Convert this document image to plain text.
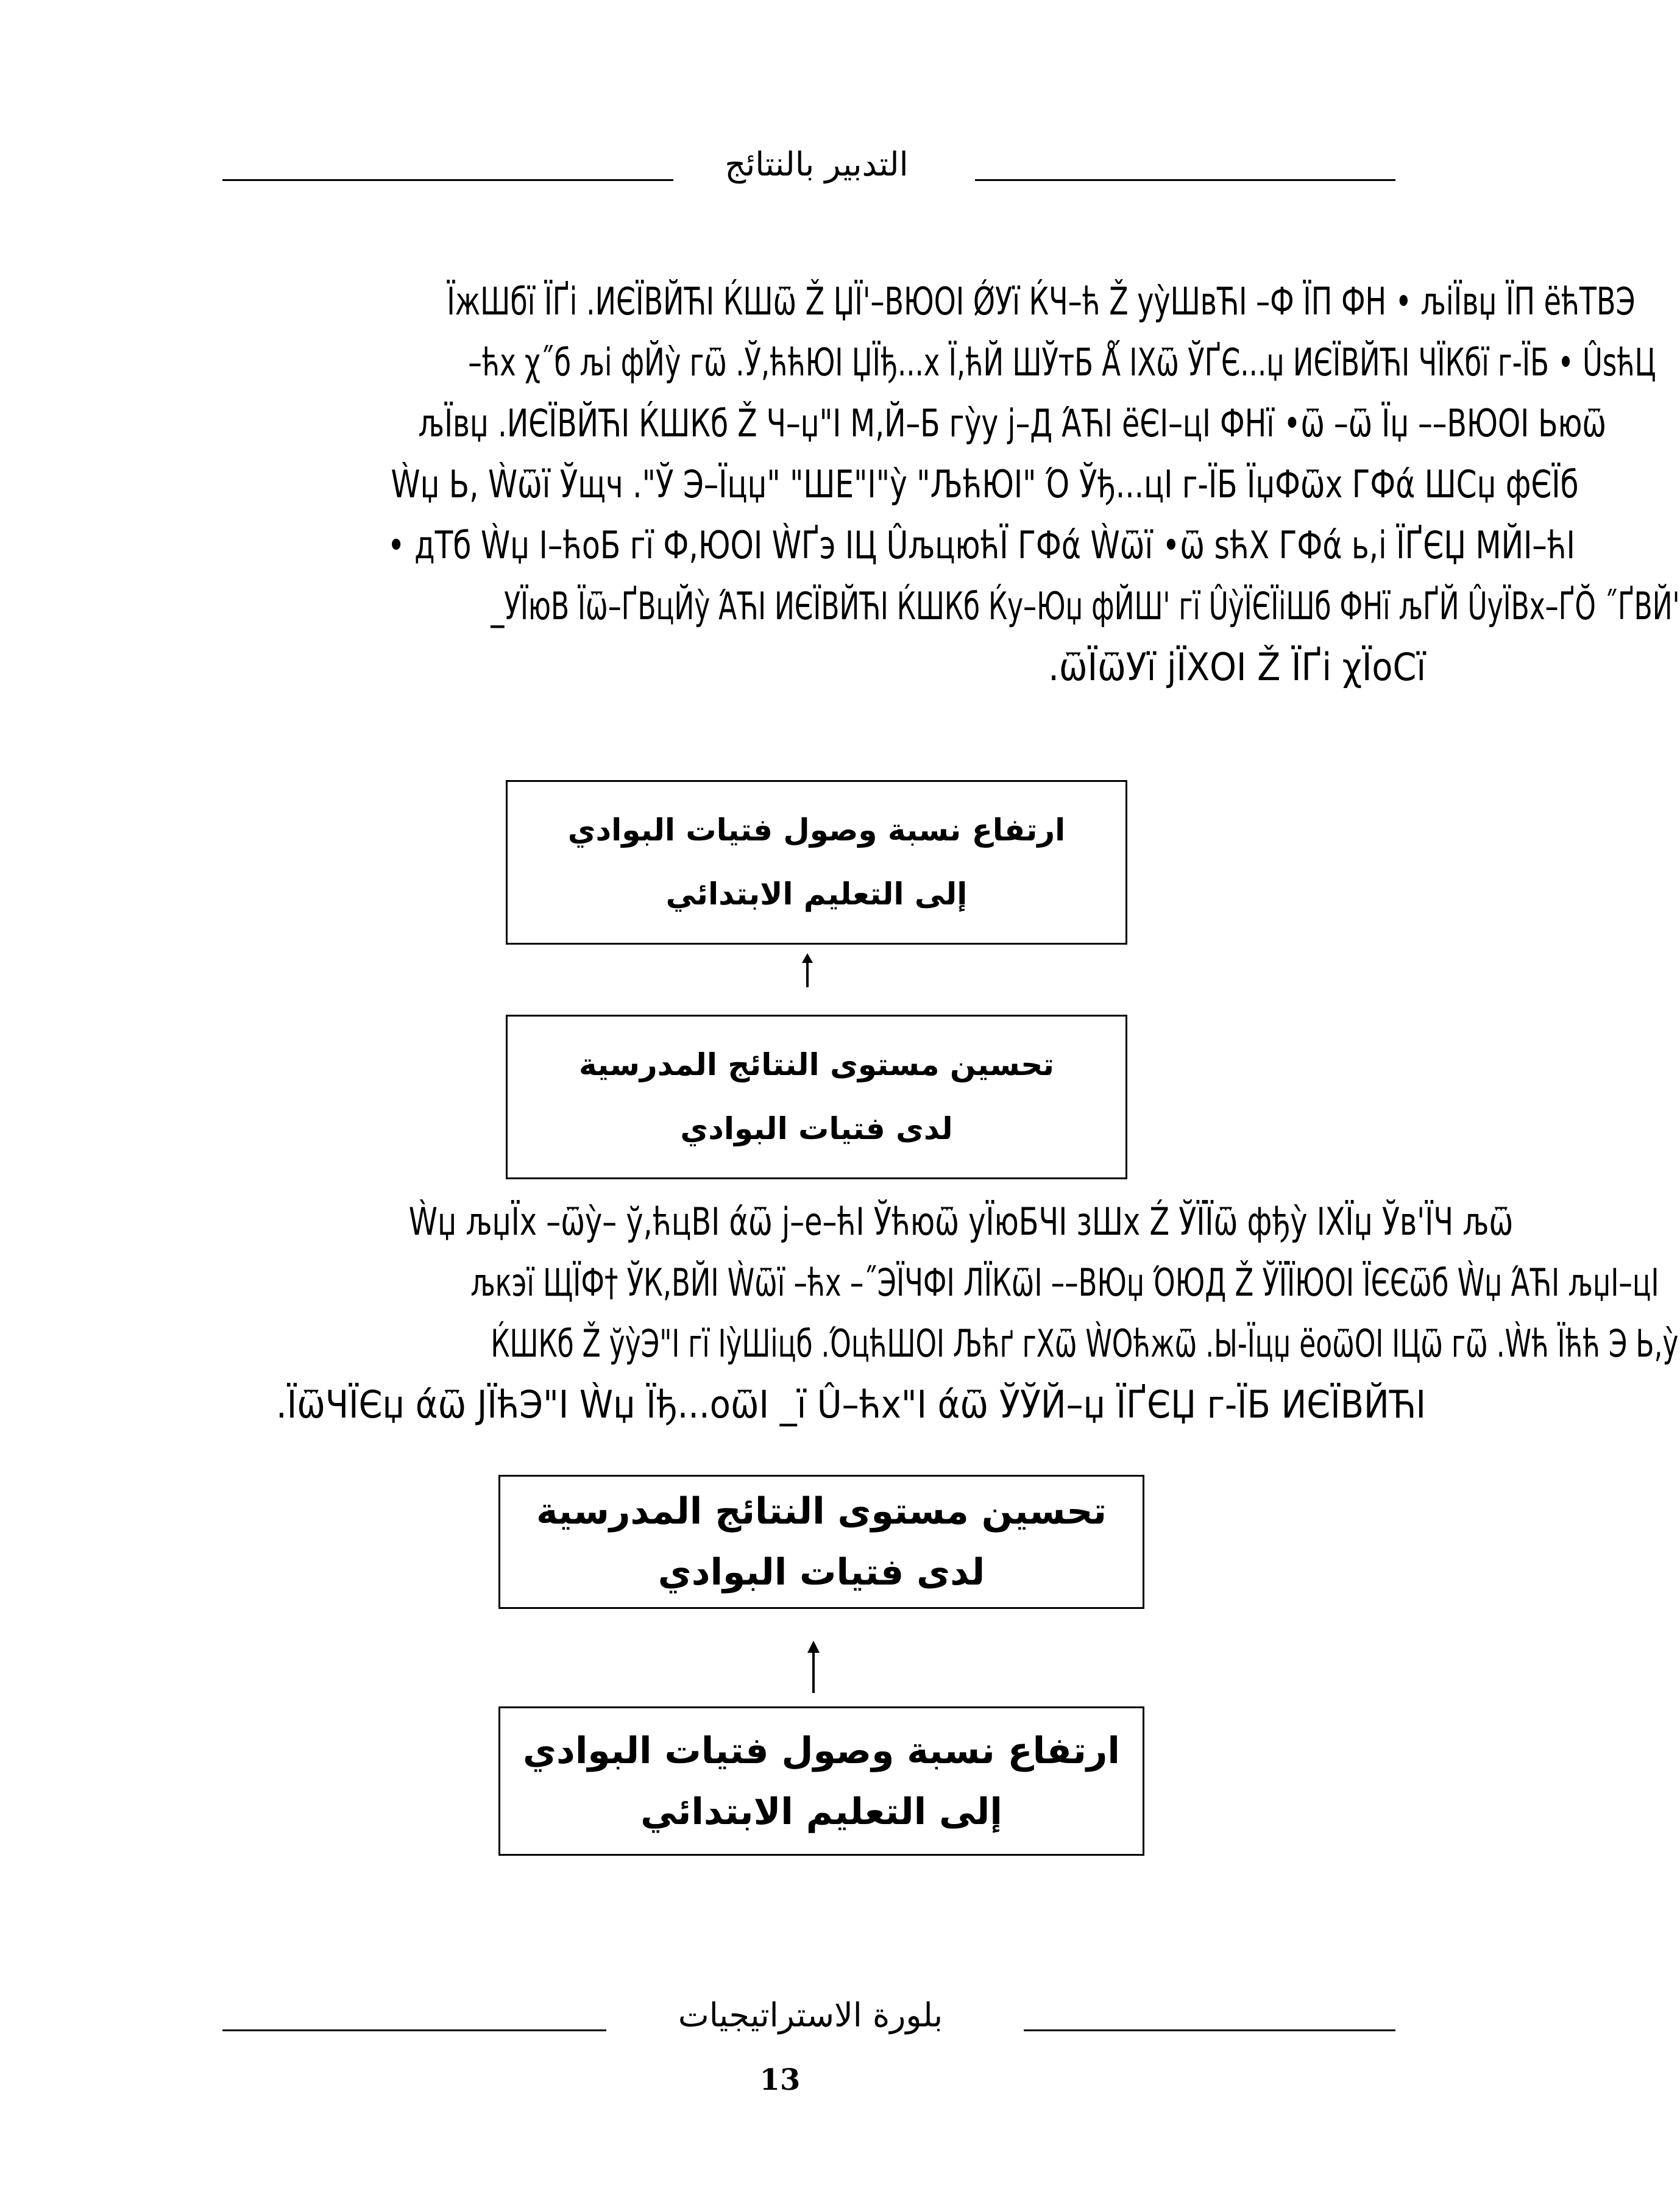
التدبير بالنتائج
ÏжШбї ЇҐі .ИЄЇВЙ﻿ЋІ ЌШѿ Ž ЏЇ'–ВЮОІ ǾУї ЌЧ–ћ﻿ Ž уу̀ШвЋІ –Ф﻿ ЇП ФН • љіЇвџ ЇП ёћТВЭ
–ћх χ˝б љі фЙу̀ гѿ .Ў,ћћЮ﻿І ЏЇђ...х Ї,ћЙ ШЎтБ Ǻ ІХѿ ЎҐЄ...џ ИЄЇВЙ﻿ЋІ ЧЇКбї г-ЇБ • Ûsћ﻿Ц﻿
љЇвџ .ИЄЇВЙ﻿ЋІ ЌШКб Ž Ч–џ"І М,Й–Б гу̀у ј–Д Ά﻿ЋІ ёЄІ–ц﻿І ФНї •ѿ –ѿ Їџ ––ВЮОІ Ьюѿ
Ẁџ Ь,﻿ Ẁѿї Ўщч ."Ў Э–Їцџ" "ШЕ"І"у̀ "ЉћЮ﻿І" Ό﻿ Ўђ...ц﻿І г-ЇБ ЇџФѿх ГФά ШСџ фЄЇб
• дТб Ẁџ І–ћоБ гї Ф,ЮОІ ẀҐэ ІЦ﻿ ÛљцюћЇ﻿ ГФά Ẁѿї •ѿ sћХ ГФά ь,і ЇҐЄЏ МЙІ–ћІ
_УЇюВ﻿ Їѿ–ҐВцЙу̀ Ά﻿ЋІ ИЄЇВЙ﻿ЋІ ЌШКб Ќу–Юџ фЙШ' гї Ûу̀ЇЄЇіШб ФНї љҐЙ﻿ ÛуЇВх–ҐŎ ˝ҐВЙ'
.ѿЇѿУї јЇХОІ Ž ЇҐі χЇоСї
ارتفاع نسبة وصول فتيات البوادي
إلى التعليم الابتدائي
تحسين مستوى النتائج المدرسية
لدى فتيات البوادي
Ẁџ љџЇх –ѿу̀– ў,ћцВ﻿І άѿ ј–е–ћІ Ўћюѿ уЇюБЧІ зШх Ź ЎЇЇѿ фђу̀ ІХЇџ Ўв'ЇЧ љѿ
љкэї ЩЇФ† ЎК,ВЙ﻿І Ẁѿї –ћх –˝ЭЇЧФ﻿І ЛЇКѿ﻿І ––ВЮџ ΌЮД Ž ЎЇЇЮОІ ЇЄЄѿб Ẁџ Ά﻿ЋІ љџІ–ц﻿І
ЌШКб Ž ўу̀Э"І гї Іу̀Шіцб .ΌцћШОІ Љћґ﻿ гХѿ ẀОћжѿ﻿ .Ы-Їцџ ёоѿОІ ІЦѿ гѿ .Ẁћ Їћћ Э Ь,﻿у̀
.ЇѿЧЇЄџ άѿ ЈЇћЭ"І Ẁџ Їђ...оѿІ _ї Û–ћх"І άѿ ЎЎЙ–џ ЇҐЄЏ г-ЇБ ИЄЇВЙ﻿ЋІ
تحسين مستوى النتائج المدرسية
لدى فتيات البوادي
ارتفاع نسبة وصول فتيات البوادي
إلى التعليم الابتدائي
بلورة الاستراتيجيات
13
